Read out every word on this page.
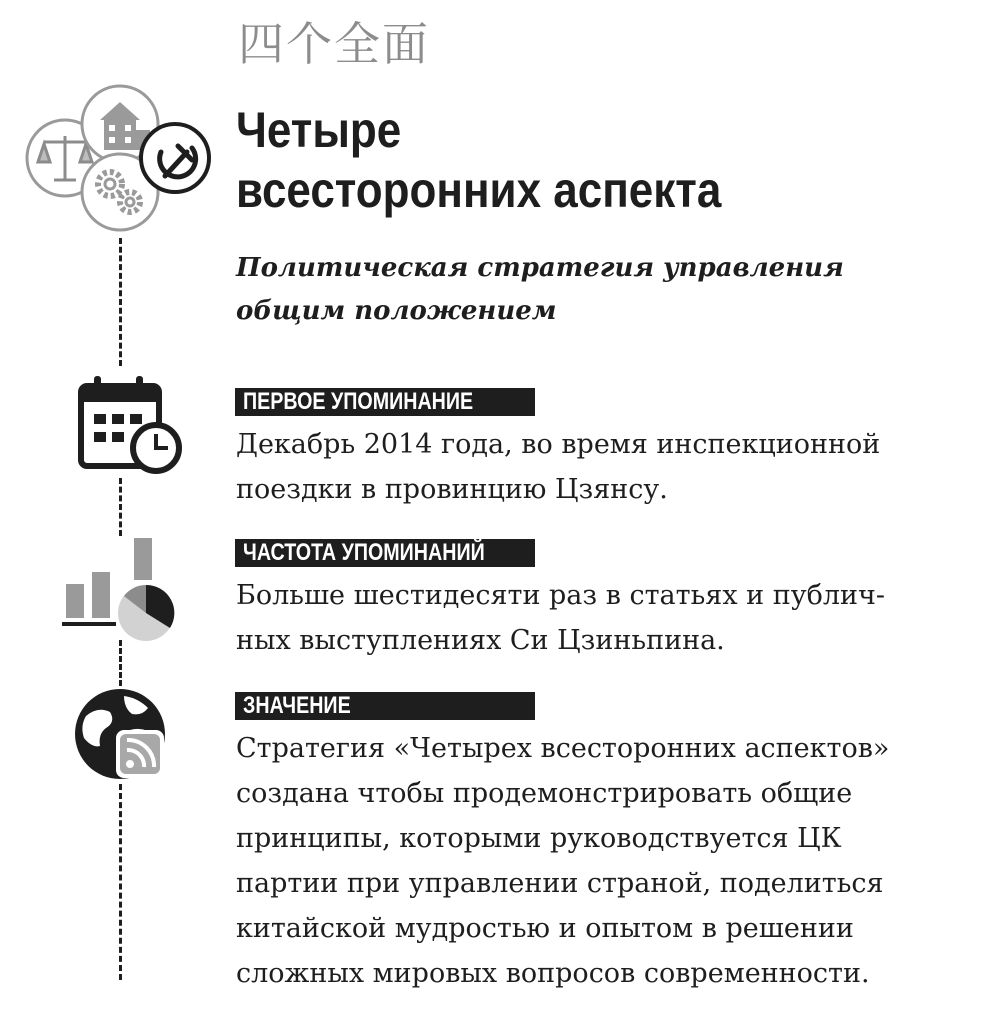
四个全面
Четыре
всесторонних аспекта
Политическая стратегия управления
общим положением
ПЕРВОЕ УПОМИНАНИЕ
Декабрь 2014 года, во время инспекционной
поездки в провинцию Цзянсу.
ЧАСТОТА УПОМИНАНИЙ
Больше шестидесяти раз в статьях и публич-
ных выступлениях Си Цзиньпина.
ЗНАЧЕНИЕ
Стратегия «Четырех всесторонних аспектов»
создана чтобы продемонстрировать общие
принципы, которыми руководствуется ЦК
партии при управлении страной, поделиться
китайской мудростью и опытом в решении
сложных мировых вопросов современности.
